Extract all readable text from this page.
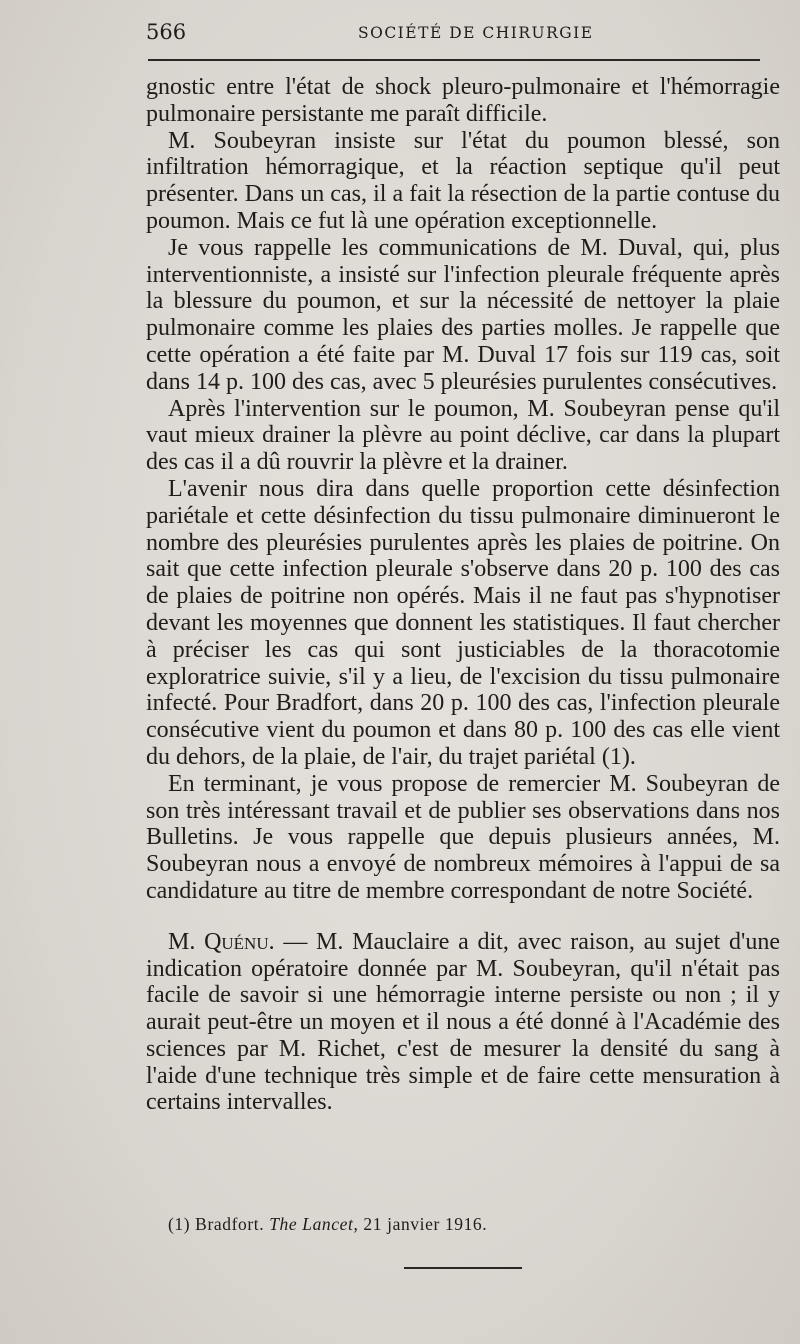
566	SOCIÉTÉ DE CHIRURGIE

gnostic entre l'état de shock pleuro-pulmonaire et l'hémorragie pulmonaire persistante me paraît difficile.

M. Soubeyran insiste sur l'état du poumon blessé, son infiltration hémorragique, et la réaction septique qu'il peut présenter. Dans un cas, il a fait la résection de la partie contuse du poumon. Mais ce fut là une opération exceptionnelle.

Je vous rappelle les communications de M. Duval, qui, plus interventionniste, a insisté sur l'infection pleurale fréquente après la blessure du poumon, et sur la nécessité de nettoyer la plaie pulmonaire comme les plaies des parties molles. Je rappelle que cette opération a été faite par M. Duval 17 fois sur 119 cas, soit dans 14 p. 100 des cas, avec 5 pleurésies purulentes consécutives.

Après l'intervention sur le poumon, M. Soubeyran pense qu'il vaut mieux drainer la plèvre au point déclive, car dans la plupart des cas il a dû rouvrir la plèvre et la drainer.

L'avenir nous dira dans quelle proportion cette désinfection pariétale et cette désinfection du tissu pulmonaire diminueront le nombre des pleurésies purulentes après les plaies de poitrine. On sait que cette infection pleurale s'observe dans 20 p. 100 des cas de plaies de poitrine non opérés. Mais il ne faut pas s'hypnotiser devant les moyennes que donnent les statistiques. Il faut chercher à préciser les cas qui sont justiciables de la thoracotomie exploratrice suivie, s'il y a lieu, de l'excision du tissu pulmonaire infecté. Pour Bradfort, dans 20 p. 100 des cas, l'infection pleurale consécutive vient du poumon et dans 80 p. 100 des cas elle vient du dehors, de la plaie, de l'air, du trajet pariétal (1).

En terminant, je vous propose de remercier M. Soubeyran de son très intéressant travail et de publier ses observations dans nos Bulletins. Je vous rappelle que depuis plusieurs années, M. Soubeyran nous a envoyé de nombreux mémoires à l'appui de sa candidature au titre de membre correspondant de notre Société.

M. Quénu. — M. Mauclaire a dit, avec raison, au sujet d'une indication opératoire donnée par M. Soubeyran, qu'il n'était pas facile de savoir si une hémorragie interne persiste ou non ; il y aurait peut-être un moyen et il nous a été donné à l'Académie des sciences par M. Richet, c'est de mesurer la densité du sang à l'aide d'une technique très simple et de faire cette mensuration à certains intervalles.

(1) Bradfort. The Lancet, 21 janvier 1916.
